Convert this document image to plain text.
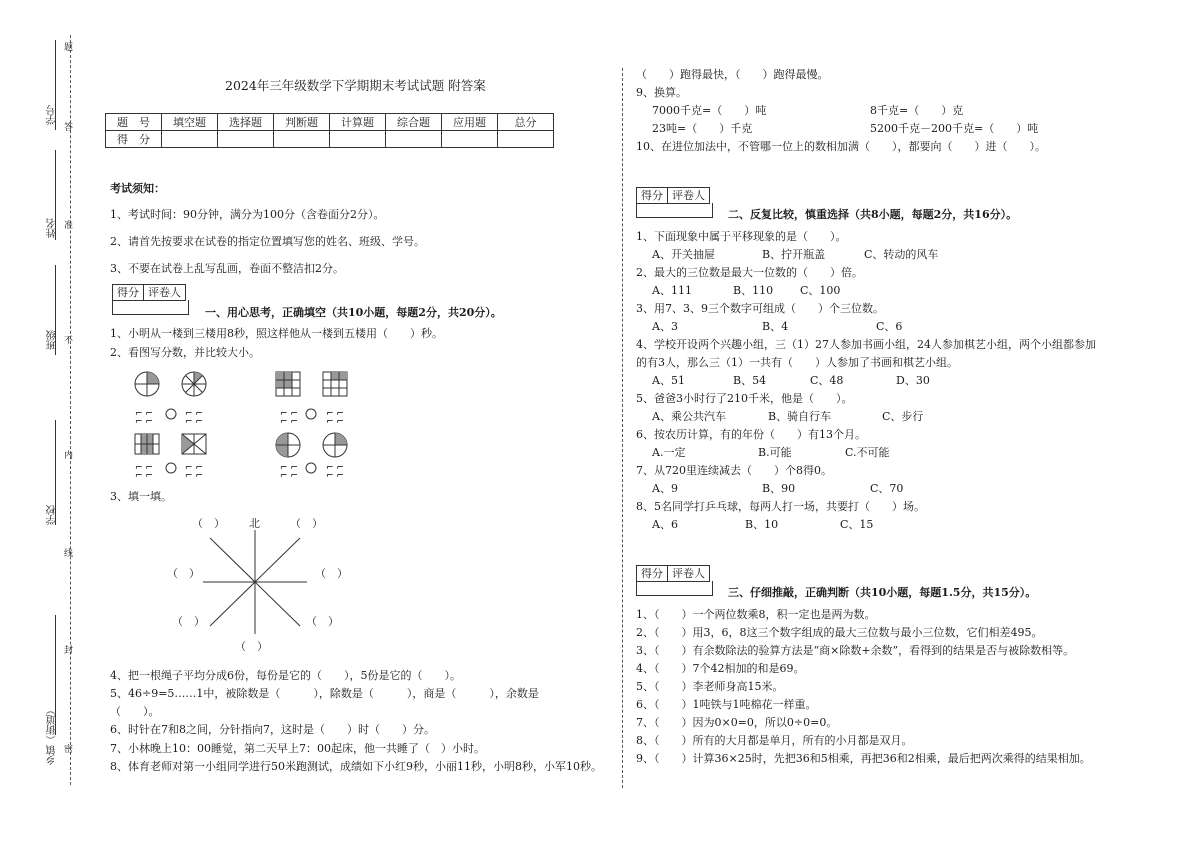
题
学号
答
姓名 准
班级 不
内
学校
线
封
乡镇（街道） 密
2024年三年级数学下学期期末考试试题 附答案
题　号	填空题	选择题	判断题	计算题	综合题	应用题	总分
得　分							
考试须知：
1、考试时间：90分钟，满分为100分（含卷面分2分）。
2、请首先按要求在试卷的指定位置填写您的姓名、班级、学号。
3、不要在试卷上乱写乱画，卷面不整洁扣2分。
得分 评卷人
一、用心思考，正确填空（共10小题，每题2分，共20分）。
1、小明从一楼到三楼用8秒，照这样他从一楼到五楼用（　　）秒。
2、看图写分数，并比较大小。
⌐ ⌐
⌐ ⌐
⌐ ⌐
⌐ ⌐
⌐ ⌐
⌐ ⌐
⌐ ⌐
⌐ ⌐
⌐ ⌐
⌐ ⌐
⌐ ⌐
⌐ ⌐
⌐ ⌐
⌐ ⌐
⌐ ⌐
⌐ ⌐
3、填一填。
（　） 北	（　）
（　）	（　）
（　）	（　）
（　）
4、把一根绳子平均分成6份，每份是它的（　　），5份是它的（　　）。
5、46÷9=5……1中，被除数是（　　　），除数是（　　　），商是（　　　），余数是
（　　）。
6、时针在7和8之间，分针指向7，这时是（　　）时（　　）分。
7、小林晚上10：00睡觉，第二天早上7：00起床，他一共睡了（　）小时。
8、体育老师对第一小组同学进行50米跑测试，成绩如下小红9秒，小丽11秒，小明8秒，小军10秒。
（　　）跑得最快，（　　）跑得最慢。
9、换算。
7000千克=（　　）吨	8千克=（　　）克
23吨=（　　）千克	5200千克－200千克=（　　）吨
10、在进位加法中，不管哪一位上的数相加满（　　），都要向（　　）进（　　）。
得分 评卷人
二、反复比较，慎重选择（共8小题，每题2分，共16分）。
1、下面现象中属于平移现象的是（　　）。
A、开关抽屉	B、拧开瓶盖	C、转动的风车
2、最大的三位数是最大一位数的（　　）倍。
A、111	B、110 C、100
3、用7、3、9三个数字可组成（　　）个三位数。
A、3	B、4	C、6
4、学校开设两个兴趣小组，三（1）27人参加书画小组，24人参加棋艺小组，两个小组都参加
的有3人，那么三（1）一共有（　　）人参加了书画和棋艺小组。
A、51	B、54	C、48	D、30
5、爸爸3小时行了210千米，他是（　　）。
A、乘公共汽车	B、骑自行车	C、步行
6、按农历计算，有的年份（　　）有13个月。
A.一定	B.可能	C.不可能
7、从720里连续减去（　　）个8得0。
A、9	B、90	C、70
8、5名同学打乒乓球，每两人打一场，共要打（　　）场。
A、6	B、10	C、15
得分 评卷人
三、仔细推敲，正确判断（共10小题，每题1.5分，共15分）。
1、（　　）一个两位数乘8，积一定也是两为数。
2、（　　）用3，6，8这三个数字组成的最大三位数与最小三位数，它们相差495。
3、（　　）有余数除法的验算方法是“商×除数+余数”，看得到的结果是否与被除数相等。
4、（　　）7个42相加的和是69。
5、（　　）李老师身高15米。
6、（　　）1吨铁与1吨棉花一样重。
7、（　　）因为0×0=0，所以0÷0=0。
8、（　　）所有的大月都是单月，所有的小月都是双月。
9、（　　）计算36×25时，先把36和5相乘，再把36和2相乘，最后把两次乘得的结果相加。
